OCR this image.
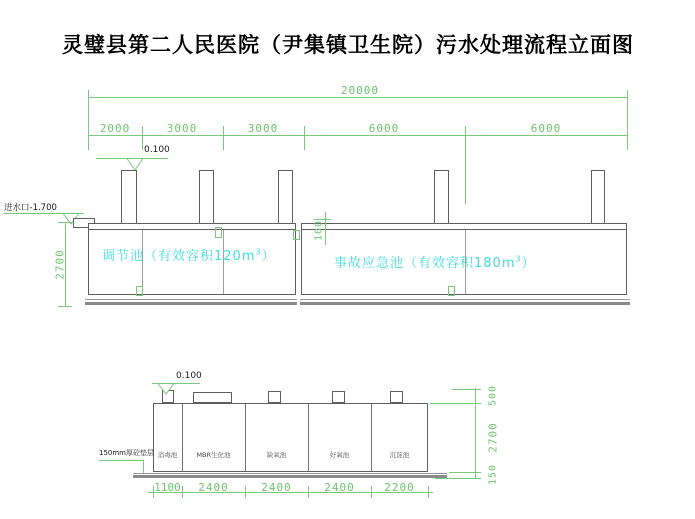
灵璧县第二人民医院（尹集镇卫生院）污水处理流程立面图
20000
2000	3000	3000	6000	6000
0.100
进水口-1.700
2700
100
调节池（有效容积$120m^3$）	事故应急池（有效容积$180m^3$）
0.100
150mm厚砼垫层 消毒池	MBR生化池	缺氧池	好氧池	沉淀池
1100	2400	2400	2400	2200
500
2700
150
